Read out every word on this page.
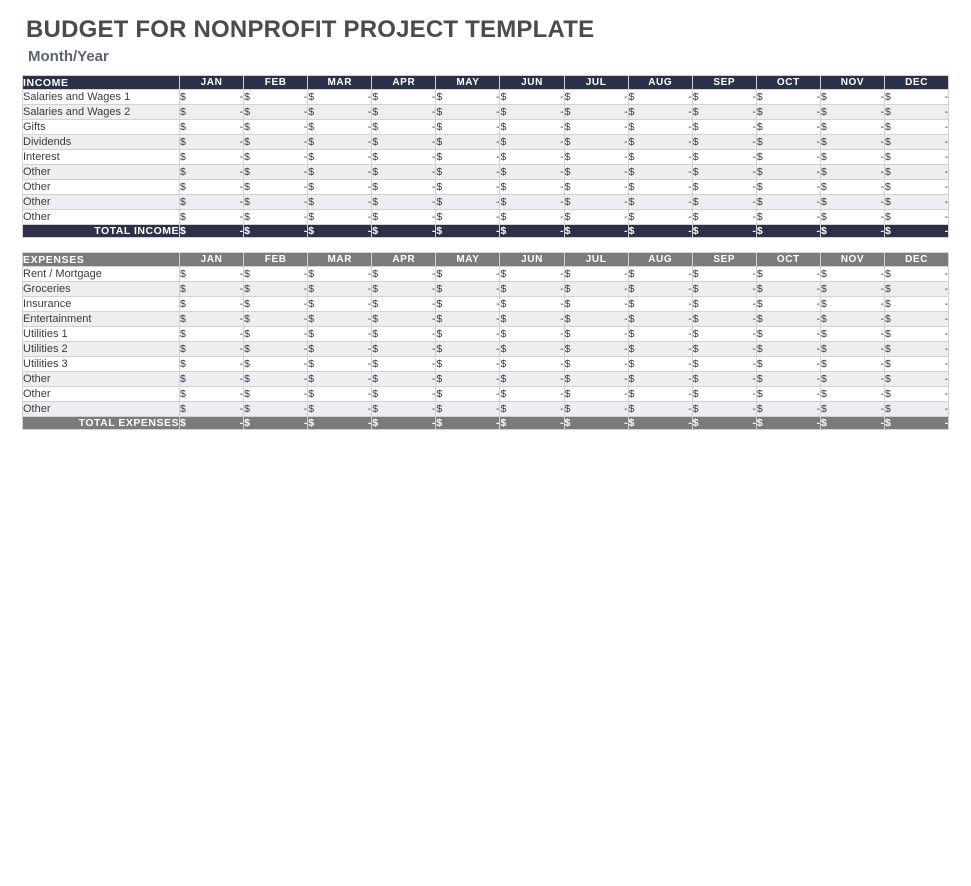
BUDGET FOR NONPROFIT PROJECT TEMPLATE
Month/Year
INCOME	JAN	FEB	MAR	APR	MAY	JUN	JUL	AUG	SEP	OCT	NOV	DEC
Salaries and Wages 1	$ -	$ -	$ -	$ -	$ -	$ -	$ -	$ -	$ -	$ -	$ -	$ -

Salaries and Wages 2	$ -	$ -	$ -	$ -	$ -	$ -	$ -	$ -	$ -	$ -	$ -	$ -

Gifts	$ -	$ -	$ -	$ -	$ -	$ -	$ -	$ -	$ -	$ -	$ -	$ -

Dividends	$ -	$ -	$ -	$ -	$ -	$ -	$ -	$ -	$ -	$ -	$ -	$ -

Interest	$ -	$ -	$ -	$ -	$ -	$ -	$ -	$ -	$ -	$ -	$ -	$ -

Other	$ -	$ -	$ -	$ -	$ -	$ -	$ -	$ -	$ -	$ -	$ -	$ -

Other	$ -	$ -	$ -	$ -	$ -	$ -	$ -	$ -	$ -	$ -	$ -	$ -

Other	$ -	$ -	$ -	$ -	$ -	$ -	$ -	$ -	$ -	$ -	$ -	$ -

Other	$ -	$ -	$ -	$ -	$ -	$ -	$ -	$ -	$ -	$ -	$ -	$ -

TOTAL INCOME	$ -	$ -	$ -	$ -	$ -	$ -	$ -	$ -	$ -	$ -	$ -	$ -
EXPENSES	JAN	FEB	MAR	APR	MAY	JUN	JUL	AUG	SEP	OCT	NOV	DEC
Rent / Mortgage	$ -	$ -	$ -	$ -	$ -	$ -	$ -	$ -	$ -	$ -	$ -	$ -

Groceries	$ -	$ -	$ -	$ -	$ -	$ -	$ -	$ -	$ -	$ -	$ -	$ -

Insurance	$ -	$ -	$ -	$ -	$ -	$ -	$ -	$ -	$ -	$ -	$ -	$ -

Entertainment	$ -	$ -	$ -	$ -	$ -	$ -	$ -	$ -	$ -	$ -	$ -	$ -

Utilities 1	$ -	$ -	$ -	$ -	$ -	$ -	$ -	$ -	$ -	$ -	$ -	$ -

Utilities 2	$ -	$ -	$ -	$ -	$ -	$ -	$ -	$ -	$ -	$ -	$ -	$ -

Utilities 3	$ -	$ -	$ -	$ -	$ -	$ -	$ -	$ -	$ -	$ -	$ -	$ -

Other	$ -	$ -	$ -	$ -	$ -	$ -	$ -	$ -	$ -	$ -	$ -	$ -

Other	$ -	$ -	$ -	$ -	$ -	$ -	$ -	$ -	$ -	$ -	$ -	$ -

Other	$ -	$ -	$ -	$ -	$ -	$ -	$ -	$ -	$ -	$ -	$ -	$ -

TOTAL EXPENSES	$ -	$ -	$ -	$ -	$ -	$ -	$ -	$ -	$ -	$ -	$ -	$ -
